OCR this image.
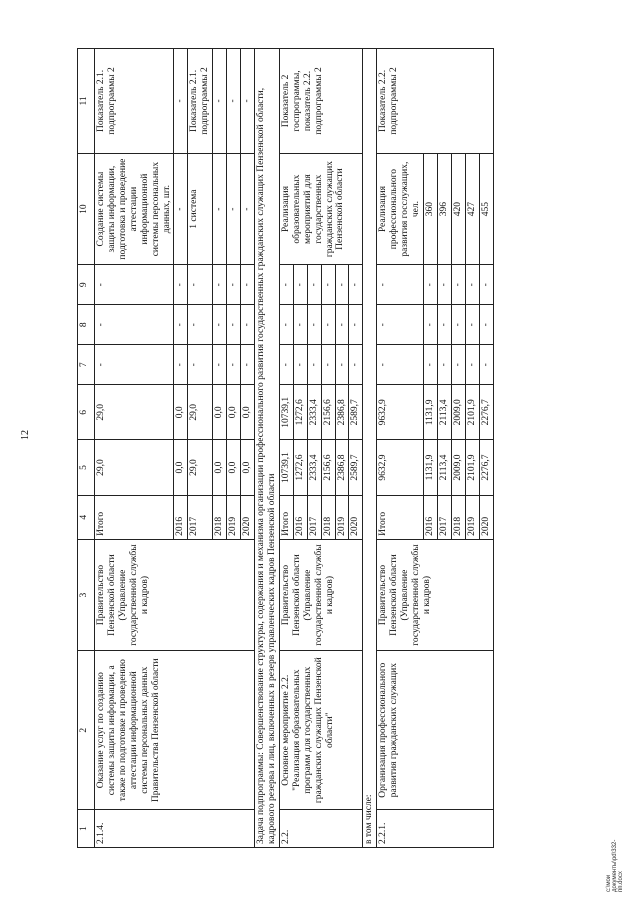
12
1	2	3	4	5	6	7	8	9	10	11
2.1.4.	Оказание услуг по созданию системы защиты информации, а также по подготовке и проведению аттестации информационной системы персональных данных Правительства Пензенской области	Правительство Пензенской области (Управление государственной службы и кадров)	Итого	29,0	29,0	-	-	-	Создание системы защиты информации, подготовка и проведение аттестации информационной системы персональных данных, шт.	Показатель 2.1. подпрограммы 2
			2016	0,0	0,0	-	-	-	-	-
			2017	29,0	29,0	-	-	-	1 система	Показатель 2.1. подпрограммы 2
			2018	0,0	0,0	-	-	-	-	-
			2019	0,0	0,0	-	-	-	-	-
			2020	0,0	0,0	-	-	-	-	-
Задача подпрограммы: Совершенствование структуры, содержания и механизма организации профессионального развития государственных гражданских служащих Пензенской области, кадрового резерва и лиц, включенных в резерв управленческих кадров Пензенской области										
2.2.	Основное мероприятие 2.2. "Реализация образовательных программ для государственных гражданских служащих Пензенской области"	Правительство Пензенской области (Управление государственной службы и кадров)	Итого	10739,1	10739,1	-	-	-	Реализация образовательных мероприятий для государственных гражданских служащих Пензенской области	Показатель 2 госпрограммы, показатель 2.2. подпрограммы 2
			2016	1272,6	1272,6	-	-	-		
			2017	2333,4	2333,4	-	-	-		
			2018	2156,6	2156,6	-	-	-		
			2019	2386,8	2386,8	-	-	-		
			2020	2589,7	2589,7	-	-	-		
в том числе:										
2.2.1.	Организация профессионального развития гражданских служащих	Правительство Пензенской области (Управление государственной службы и кадров)	Итого	9632,9	9632,9	-	-	-	Реализация профессионального развития госслужащих, чел.	Показатель 2.2. подпрограммы 2
			2016	1131,9	1131,9	-	-	-	360	
			2017	2113,4	2113,4	-	-	-	396	
			2018	2009,0	2009,0	-	-	-	420	
			2019	2101,9	2101,9	-	-	-	427	
			2020	2276,7	2276,7	-	-	-	455	
c:\мои документы\pd\332-пп.docx
